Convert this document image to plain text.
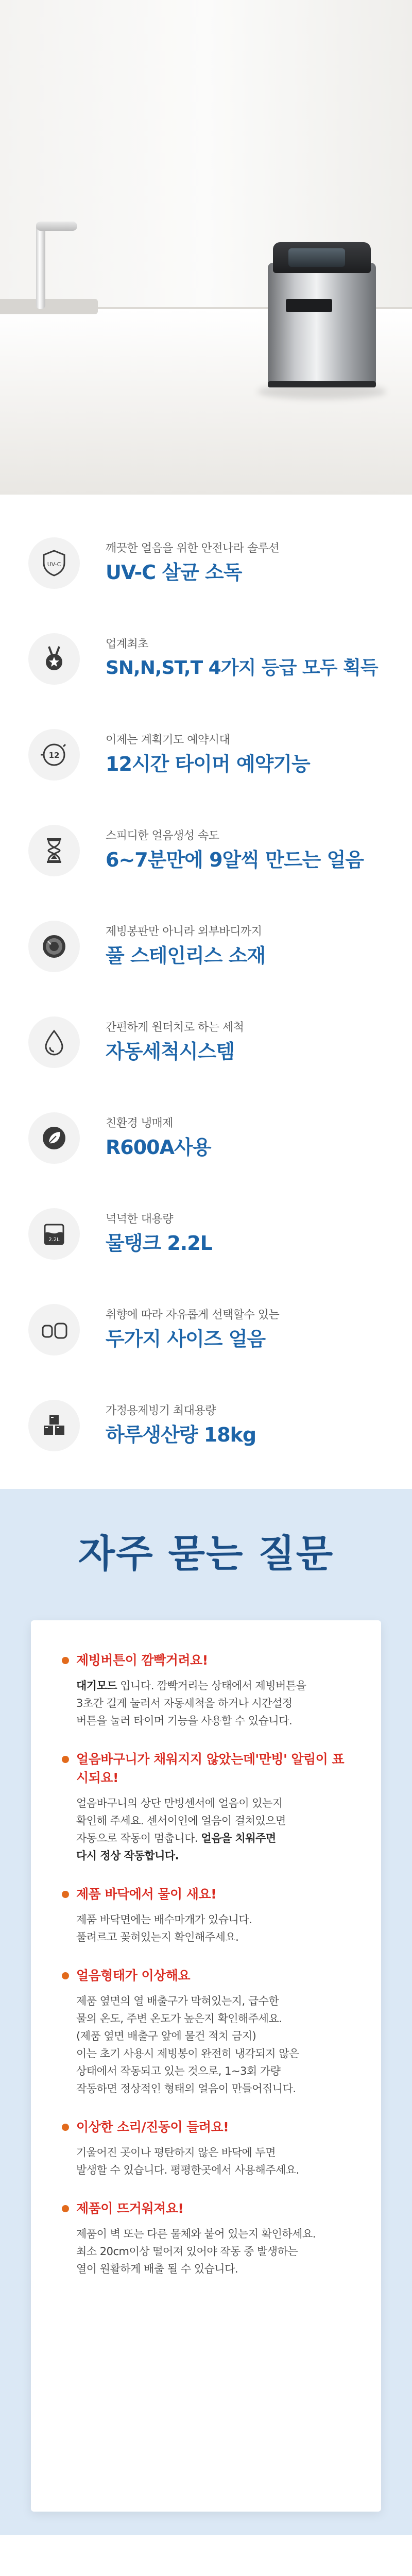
UV-C
깨끗한 얼음을 위한 안전나라 솔루션
UV-C 살균 소독
업계최초
SN,N,ST,T 4가지 등급 모두 획득
12
이제는 계획기도 예약시대
12시간 타이머 예약기능
스피디한 얼음생성 속도
6~7분만에 9알씩 만드는 얼음
제빙봉판만 아니라 외부바디까지
풀 스테인리스 소재
간편하게 원터치로 하는 세척
자동세척시스템
친환경 냉매제
R600A사용
2.2L
넉넉한 대용량
물탱크 2.2L
취향에 따라 자유롭게 선택할수 있는
두가지 사이즈 얼음
가정용제빙기 최대용량
하루생산량 18kg
자주 묻는 질문
제빙버튼이 깜빡거려요!
대기모드 입니다. 깜빡거리는 상태에서 제빙버튼을
3초간 길게 눌러서 자동세척을 하거나 시간설정
버튼을 눌러 타이머 기능을 사용할 수 있습니다.
얼음바구니가 채워지지 않았는데'만빙' 알림이 표시되요!
얼음바구니의 상단 만빙센서에 얼음이 있는지
확인해 주세요. 센서이인에 얼음이 걸쳐있으면
자동으로 작동이 멈춥니다. 얼음을 치워주면
다시 정상 작동합니다.
제품 바닥에서 물이 새요!
제품 바닥면에는 배수마개가 있습니다.
풀려르고 꽂혀있는지 확인해주세요.
얼음형태가 이상해요
제품 옆면의 열 배출구가 막혀있는지, 급수한
물의 온도, 주변 온도가 높은지 확인해주세요.
(제품 옆면 배출구 앞에 물건 적치 금지)
이는 초기 사용시 제빙봉이 완전히 냉각되지 않은
상태에서 작동되고 있는 것으로, 1~3회 가량
작동하면 정상적인 형태의 얼음이 만들어집니다.
이상한 소리/진동이 들려요!
기울어진 곳이나 평탄하지 않은 바닥에 두면
발생할 수 있습니다. 평평한곳에서 사용해주세요.
제품이 뜨거워져요!
제품이 벽 또는 다른 물체와 붙어 있는지 확인하세요.
최소 20cm이상 떨어져 있어야 작동 중 발생하는
열이 원활하게 배출 될 수 있습니다.
